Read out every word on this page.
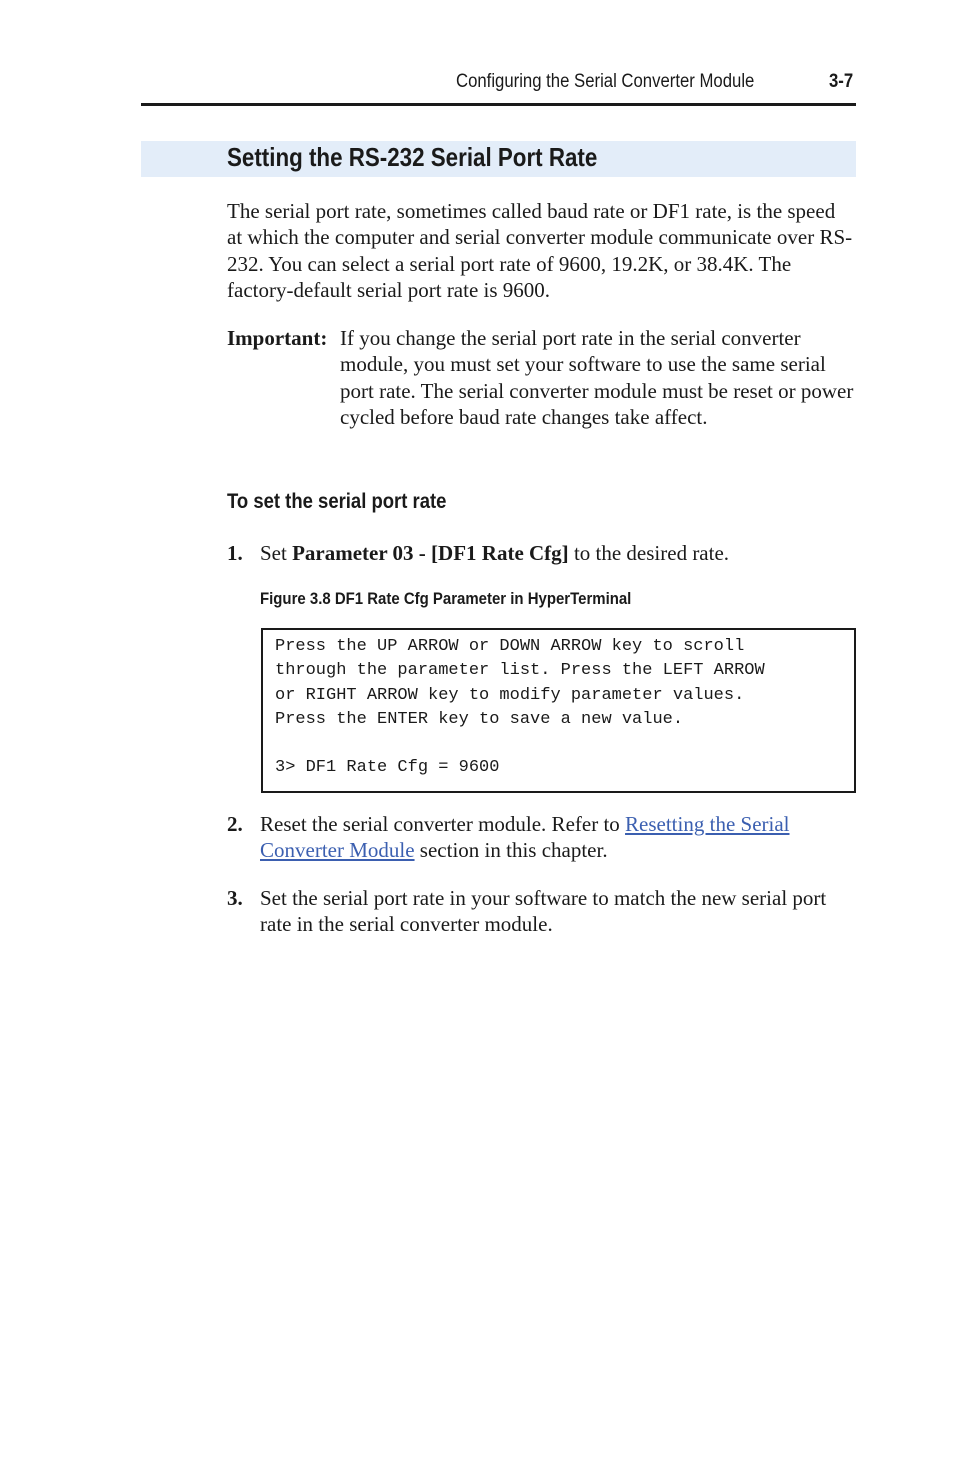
Configuring the Serial Converter Module	3-7
Setting the RS-232 Serial Port Rate

The serial port rate, sometimes called baud rate or DF1 rate, is the speed at which the computer and serial converter module communicate over RS-232. You can select a serial port rate of 9600, 19.2K, or 38.4K. The factory-default serial port rate is 9600.

Important: If you change the serial port rate in the serial converter module, you must set your software to use the same serial port rate. The serial converter module must be reset or power cycled before baud rate changes take affect.

To set the serial port rate
1. Set Parameter 03 - [DF1 Rate Cfg] to the desired rate.

Figure 3.8 DF1 Rate Cfg Parameter in HyperTerminal
Press the UP ARROW or DOWN ARROW key to scroll
through the parameter list. Press the LEFT ARROW
or RIGHT ARROW key to modify parameter values.
Press the ENTER key to save a new value.
3> DF1 Rate Cfg = 9600
2. Reset the serial converter module. Refer to Resetting the Serial
Converter Module section in this chapter.

3. Set the serial port rate in your software to match the new serial port rate in the serial converter module.
